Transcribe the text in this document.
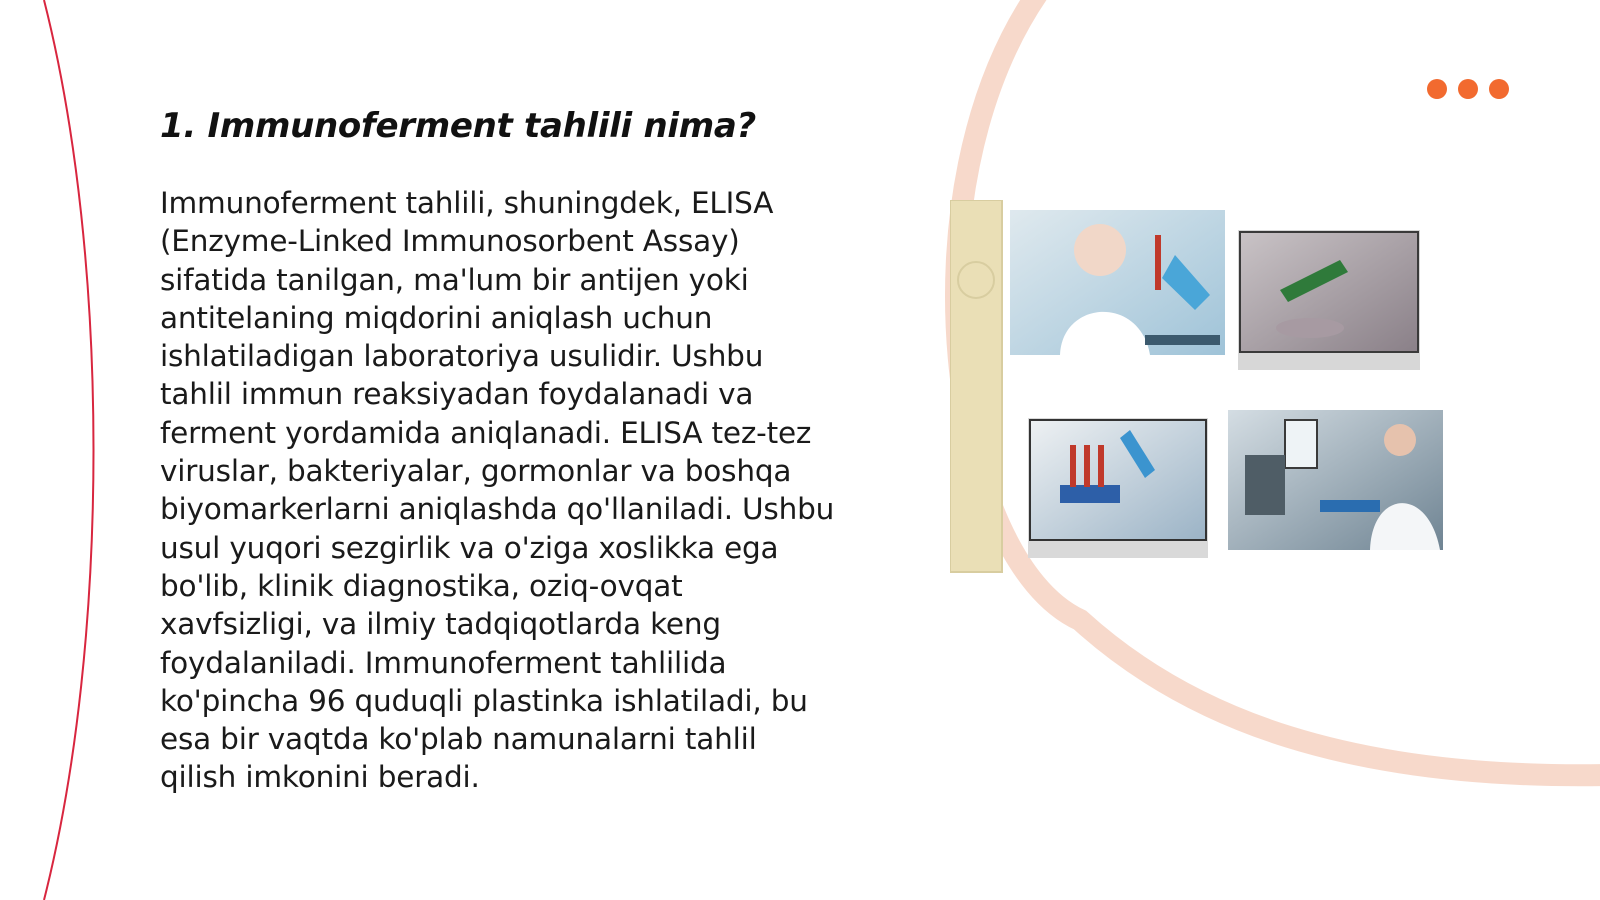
1. Immunoferment tahlili nima?

Immunoferment tahlili, shuningdek, ELISA (Enzyme-Linked Immunosorbent Assay) sifatida tanilgan, ma'lum bir antijen yoki antitelaning miqdorini aniqlash uchun ishlatiladigan laboratoriya usulidir. Ushbu tahlil immun reaksiyadan foydalanadi va ferment yordamida aniqlanadi. ELISA tez-tez viruslar, bakteriyalar, gormonlar va boshqa biyomarkerlarni aniqlashda qo'llaniladi. Ushbu usul yuqori sezgirlik va o'ziga xoslikka ega bo'lib, klinik diagnostika, oziq-ovqat xavfsizligi, va ilmiy tadqiqotlarda keng foydalaniladi. Immunoferment tahlilida ko'pincha 96 quduqli plastinka ishlatiladi, bu esa bir vaqtda ko'plab namunalarni tahlil qilish imkonini beradi.
